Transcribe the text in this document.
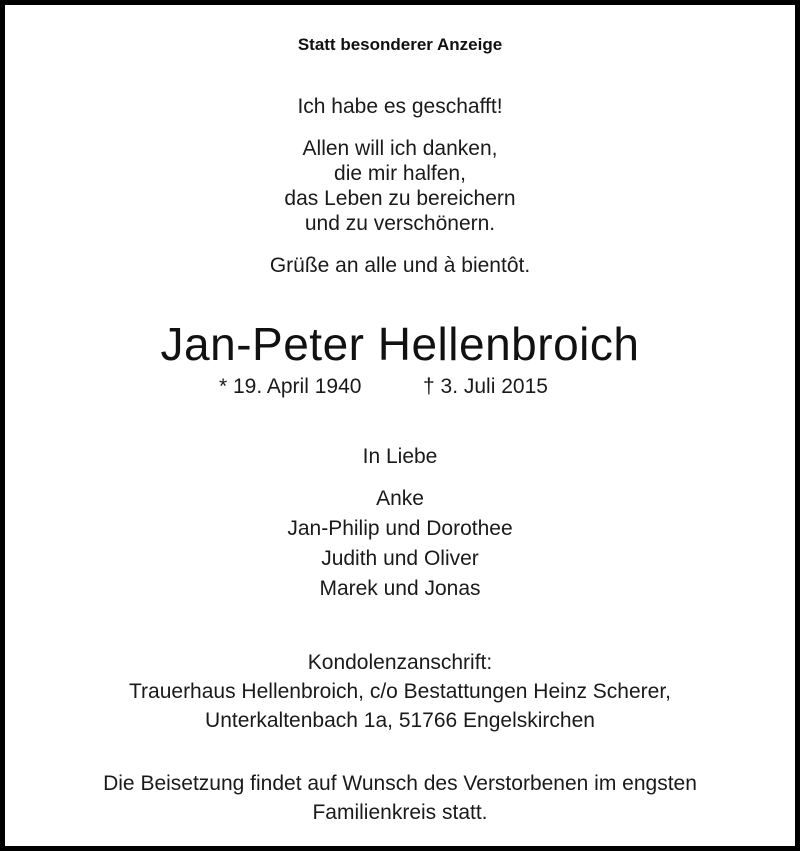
Statt besonderer Anzeige
Ich habe es geschafft!
Allen will ich danken,
die mir halfen,
das Leben zu bereichern
und zu verschönern.
Grüße an alle und à bientôt.
Jan-Peter Hellenbroich
* 19. April 1940	† 3. Juli 2015
In Liebe
Anke
Jan-Philip und Dorothee
Judith und Oliver
Marek und Jonas
Kondolenzanschrift:
Trauerhaus Hellenbroich, c/o Bestattungen Heinz Scherer,
Unterkaltenbach 1a, 51766 Engelskirchen
Die Beisetzung findet auf Wunsch des Verstorbenen im engsten
Familienkreis statt.
